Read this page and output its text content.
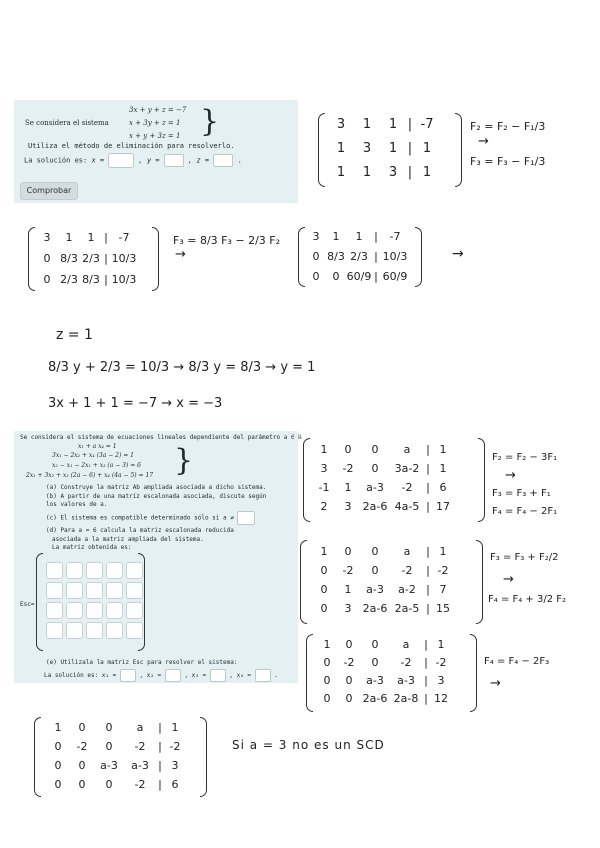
Se considera el sistema
3x + y + z = −7
x + 3y + z = 1
x + y + 3z = 1 }
Utiliza el método de eliminación para resolverlo.
La solución es: x =	, y =	, z =	.
Comprobar
3 1 1 | -7
1 3 1 | 1
1 1 3 | 1
F₂ = F₂ − F₁/3
→
F₃ = F₃ − F₁/3
3 1 1 | -7
0 8/3 2/3 | 10/3
0 2/3 8/3 | 10/3
F₃ = 8/3 F₃ − 2/3 F₂
→
3 1 1 | -7
0 8/3 2/3 | 10/3
0 0 60/9 | 60/9
→
z = 1
8/3 y + 2/3 = 10/3 → 8/3 y = 8/3 → y = 1
3x + 1 + 1 = −7 → x = −3
Se considera el sistema de ecuaciones lineales dependiente del parámetro a ∈ ℝ
x₁ + a x₄ = 1
3x₁ − 2x₂ + x₄ (3a − 2) = 1
x₂ − x₁ − 2x₁ + x₃ (a − 3) = 6
2x₁ + 3x₂ + x₃ (2a − 6) + x₄ (4a − 5) = 17 }
(a) Construye la matriz Ab ampliada asociada a dicho sistema.
(b) A partir de una matriz escalonada asociada, discute según los valores de a.
(c) El sistema es compatible determinado sólo si a ≠
(d) Para a = 6 calcula la matriz escalonada reducida
asociada a la matriz ampliada del sistema.
La matriz obtenida es:
Esc=
(e) Utilizala la matriz Esc para resolver el sistema:
La solución es: x₁ =	, x₂ =	, x₃ =	, x₄ =	.
1 0 0 a | 1
3 -2 0 3a-2 | 1
-1 1 a-3 -2 | 6
2 3 2a-6 4a-5 | 17
F₂ = F₂ − 3F₁
→
F₃ = F₃ + F₁
F₄ = F₄ − 2F₁
1 0 0 a | 1
0 -2 0 -2 | -2
0 1 a-3 a-2 | 7
0 3 2a-6 2a-5 | 15
F₃ = F₃ + F₂/2
→
F₄ = F₄ + 3/2 F₂
1 0 0 a | 1
0 -2 0 -2 | -2
0 0 a-3 a-3 | 3
0 0 2a-6 2a-8 | 12
F₄ = F₄ − 2F₃
→
1 0 0 a | 1
0 -2 0 -2 | -2
0 0 a-3 a-3 | 3
0 0 0 -2 | 6
Si a = 3 no es un SCD
